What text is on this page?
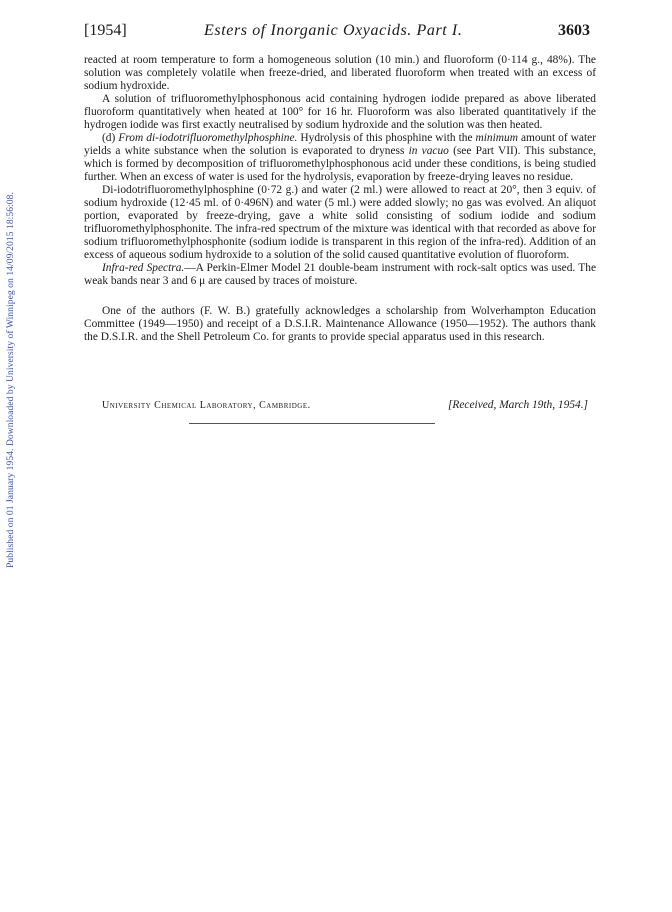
Published on 01 January 1954. Downloaded by University of Winnipeg on 14/09/2015 18:56:08.
[1954]	Esters of Inorganic Oxyacids. Part I.	3603

reacted at room temperature to form a homogeneous solution (10 min.) and fluoroform (0·114 g., 48%). The solution was completely volatile when freeze-dried, and liberated fluoroform when treated with an excess of sodium hydroxide.

A solution of trifluoromethylphosphonous acid containing hydrogen iodide prepared as above liberated fluoroform quantitatively when heated at 100° for 16 hr. Fluoroform was also liberated quantitatively if the hydrogen iodide was first exactly neutralised by sodium hydroxide and the solution was then heated.

(d) From di-iodotrifluoromethylphosphine. Hydrolysis of this phosphine with the minimum amount of water yields a white substance when the solution is evaporated to dryness in vacuo (see Part VII). This substance, which is formed by decomposition of trifluoromethylphosphonous acid under these conditions, is being studied further. When an excess of water is used for the hydrolysis, evaporation by freeze-drying leaves no residue.

Di-iodotrifluoromethylphosphine (0·72 g.) and water (2 ml.) were allowed to react at 20°, then 3 equiv. of sodium hydroxide (12·45 ml. of 0·496N) and water (5 ml.) were added slowly; no gas was evolved. An aliquot portion, evaporated by freeze-drying, gave a white solid consisting of sodium iodide and sodium trifluoromethylphosphonite. The infra-red spectrum of the mixture was identical with that recorded as above for sodium trifluoromethylphosphonite (sodium iodide is transparent in this region of the infra-red). Addition of an excess of aqueous sodium hydroxide to a solution of the solid caused quantitative evolution of fluoroform.

Infra-red Spectra.—A Perkin-Elmer Model 21 double-beam instrument with rock-salt optics was used. The weak bands near 3 and 6 μ are caused by traces of moisture.

One of the authors (F. W. B.) gratefully acknowledges a scholarship from Wolverhampton Education Committee (1949—1950) and receipt of a D.S.I.R. Maintenance Allowance (1950—1952). The authors thank the D.S.I.R. and the Shell Petroleum Co. for grants to provide special apparatus used in this research.

University Chemical Laboratory, Cambridge.	[Received, March 19th, 1954.]
